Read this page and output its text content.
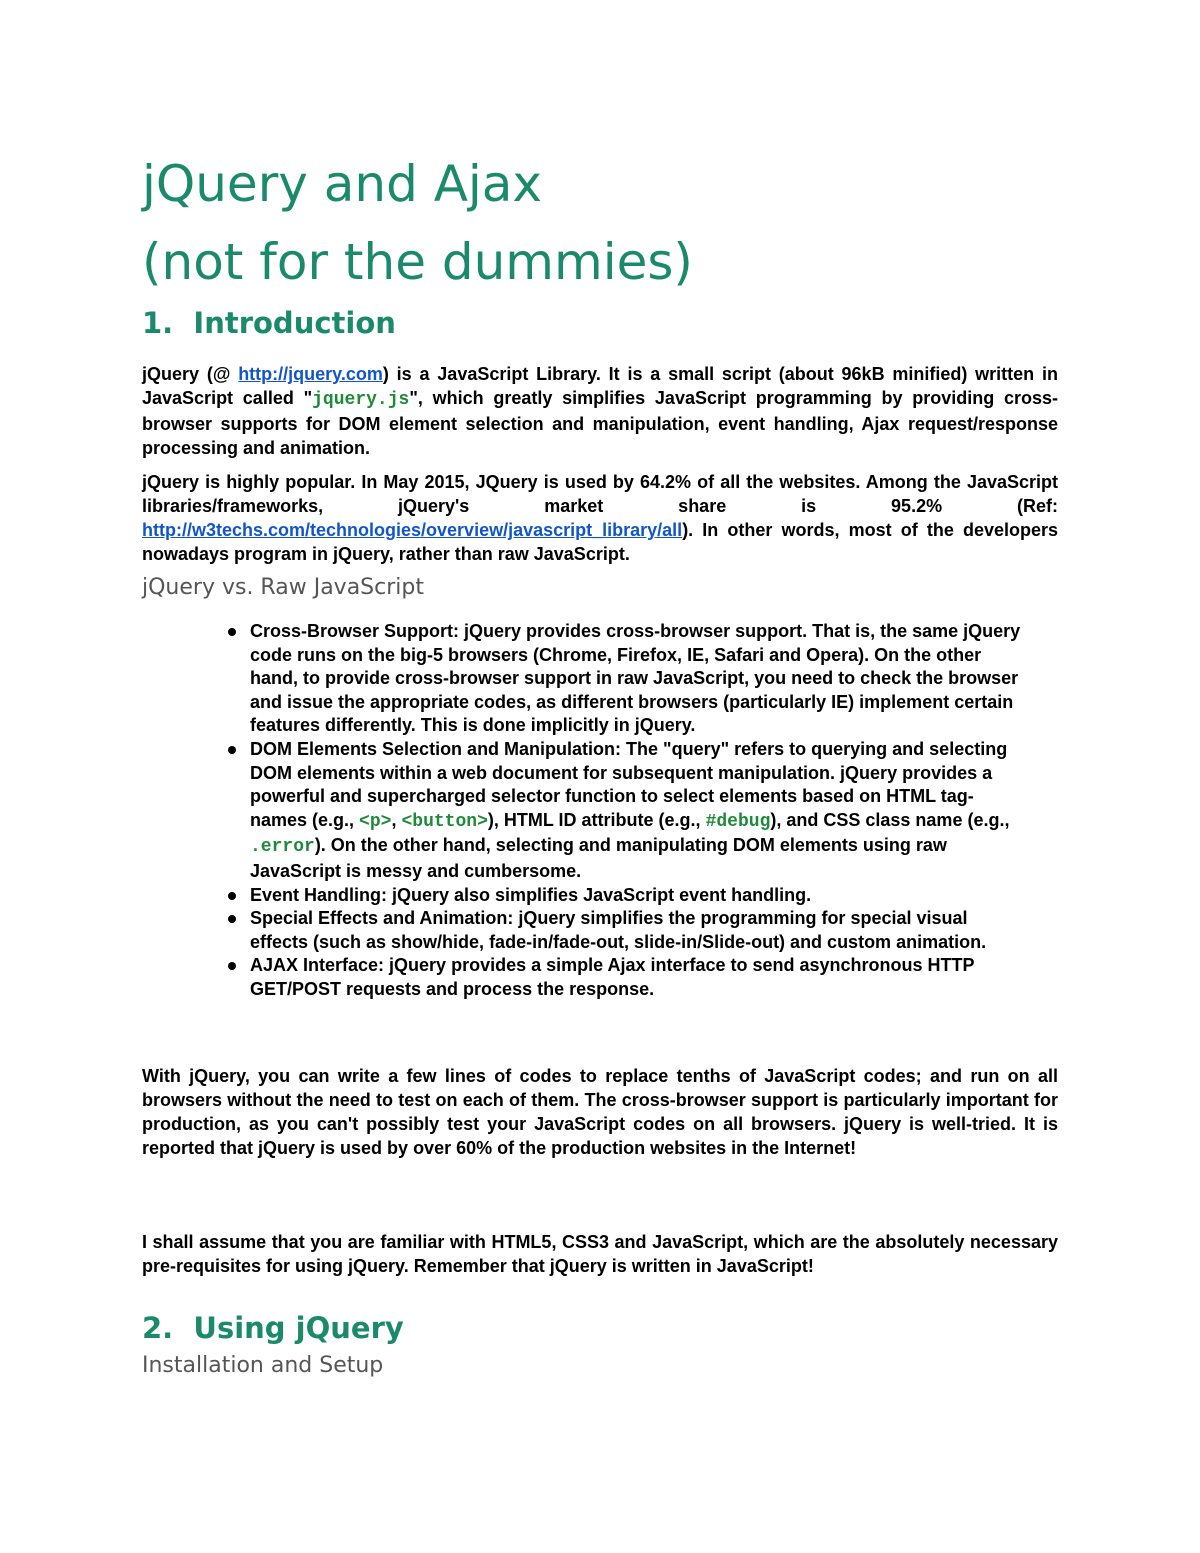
jQuery and Ajax
(not for the dummies)
1. Introduction

jQuery (@ http://jquery.com) is a JavaScript Library. It is a small script (about 96kB minified) written in JavaScript called "jquery.js", which greatly simplifies JavaScript programming by providing cross-browser supports for DOM element selection and manipulation, event handling, Ajax request/response processing and animation.

jQuery is highly popular. In May 2015, JQuery is used by 64.2% of all the websites. Among the JavaScript libraries/frameworks, jQuery's market share is 95.2% (Ref: http://w3techs.com/technologies/overview/javascript_library/all). In other words, most of the developers nowadays program in jQuery, rather than raw JavaScript.

jQuery vs. Raw JavaScript
Cross-Browser Support: jQuery provides cross-browser support. That is, the same jQuery code runs on the big-5 browsers (Chrome, Firefox, IE, Safari and Opera). On the other hand, to provide cross-browser support in raw JavaScript, you need to check the browser and issue the appropriate codes, as different browsers (particularly IE) implement certain features differently. This is done implicitly in jQuery.
DOM Elements Selection and Manipulation: The "query" refers to querying and selecting DOM elements within a web document for subsequent manipulation. jQuery provides a powerful and supercharged selector function to select elements based on HTML tag-names (e.g., <p>, <button>), HTML ID attribute (e.g., #debug), and CSS class name (e.g., .error). On the other hand, selecting and manipulating DOM elements using raw JavaScript is messy and cumbersome.
Event Handling: jQuery also simplifies JavaScript event handling.
Special Effects and Animation: jQuery simplifies the programming for special visual effects (such as show/hide, fade-in/fade-out, slide-in/Slide-out) and custom animation.
AJAX Interface: jQuery provides a simple Ajax interface to send asynchronous HTTP GET/POST requests and process the response.

With jQuery, you can write a few lines of codes to replace tenths of JavaScript codes; and run on all browsers without the need to test on each of them. The cross-browser support is particularly important for production, as you can't possibly test your JavaScript codes on all browsers. jQuery is well-tried. It is reported that jQuery is used by over 60% of the production websites in the Internet!

I shall assume that you are familiar with HTML5, CSS3 and JavaScript, which are the absolutely necessary pre-requisites for using jQuery. Remember that jQuery is written in JavaScript!

2. Using jQuery
Installation and Setup
